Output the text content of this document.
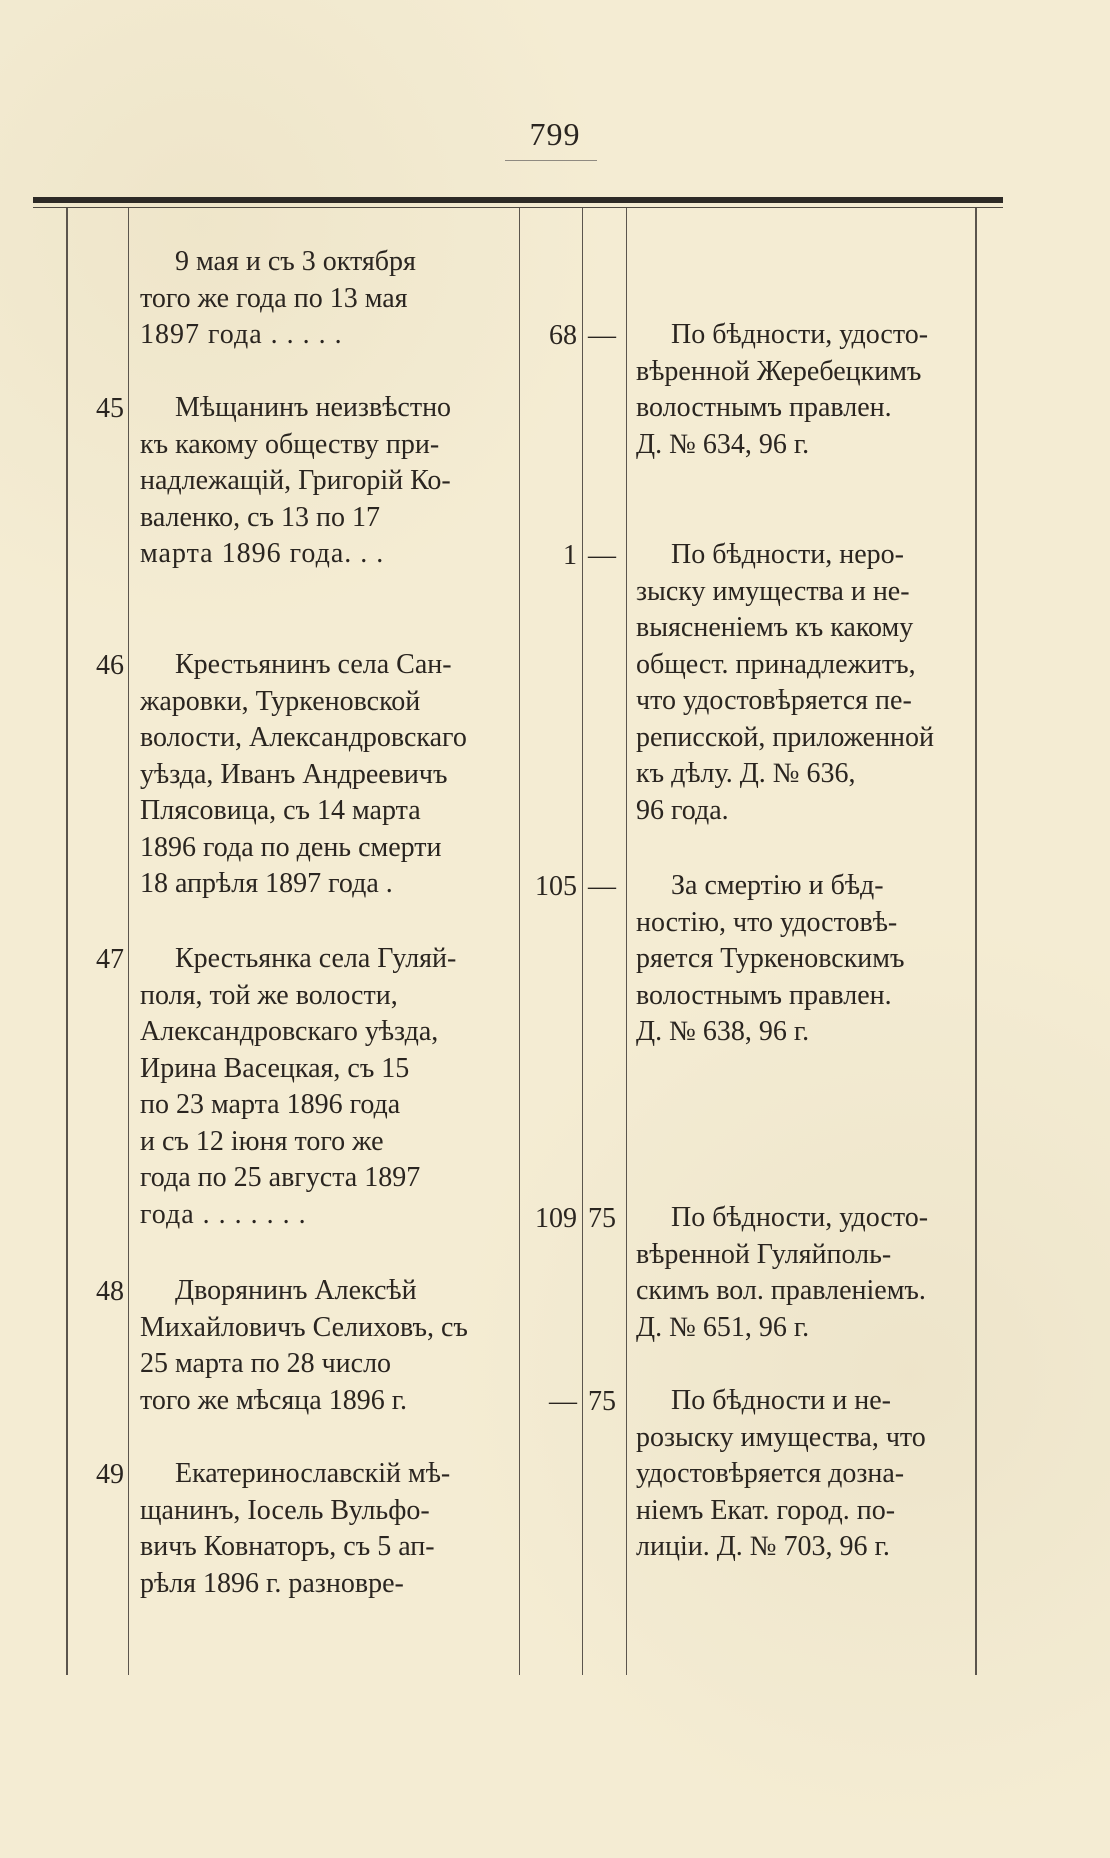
799
9 мая и съ 3 октября
того же года по 13 мая
1897 года . . . . .	68 —	По бѣдности, удосто-
вѣренной Жеребецкимъ
волостнымъ правлен.
Д. № 634, 96 г.
45	Мѣщанинъ неизвѣстно
къ какому обществу при-
надлежащій, Григорій Ко-
валенко, съ 13 по 17
марта 1896 года. . .	1 —	По бѣдности, неро-
зыску имущества и не-
выясненіемъ къ какому
общест. принадлежитъ,
что удостовѣряется пе-
реписской, приложенной
къ дѣлу. Д. № 636,
96 года.
46	Крестьянинъ села Сан-
жаровки, Туркеновской
волости, Александровскаго
уѣзда, Иванъ Андреевичъ
Плясовица, съ 14 марта
1896 года по день смерти
18 апрѣля 1897 года .	105 —	За смертію и бѣд-
ностію, что удостовѣ-
ряется Туркеновскимъ
волостнымъ правлен.
Д. № 638, 96 г.
47	Крестьянка села Гуляй-
поля, той же волости,
Александровскаго уѣзда,
Ирина Васецкая, съ 15
по 23 марта 1896 года
и съ 12 іюня того же
года по 25 августа 1897
года . . . . . . .	109 75	По бѣдности, удосто-
вѣренной Гуляйполь-
скимъ вол. правленіемъ.
Д. № 651, 96 г.
48	Дворянинъ Алексѣй
Михайловичъ Селиховъ, съ
25 марта по 28 число
того же мѣсяца 1896 г.	— 75	По бѣдности и не-
розыску имущества, что
удостовѣряется дозна-
ніемъ Екат. город. по-
лиціи. Д. № 703, 96 г.
49	Екатеринославскій мѣ-
щанинъ, Іосель Вульфо-
вичъ Ковнаторъ, съ 5 ап-
рѣля 1896 г. разновре-
